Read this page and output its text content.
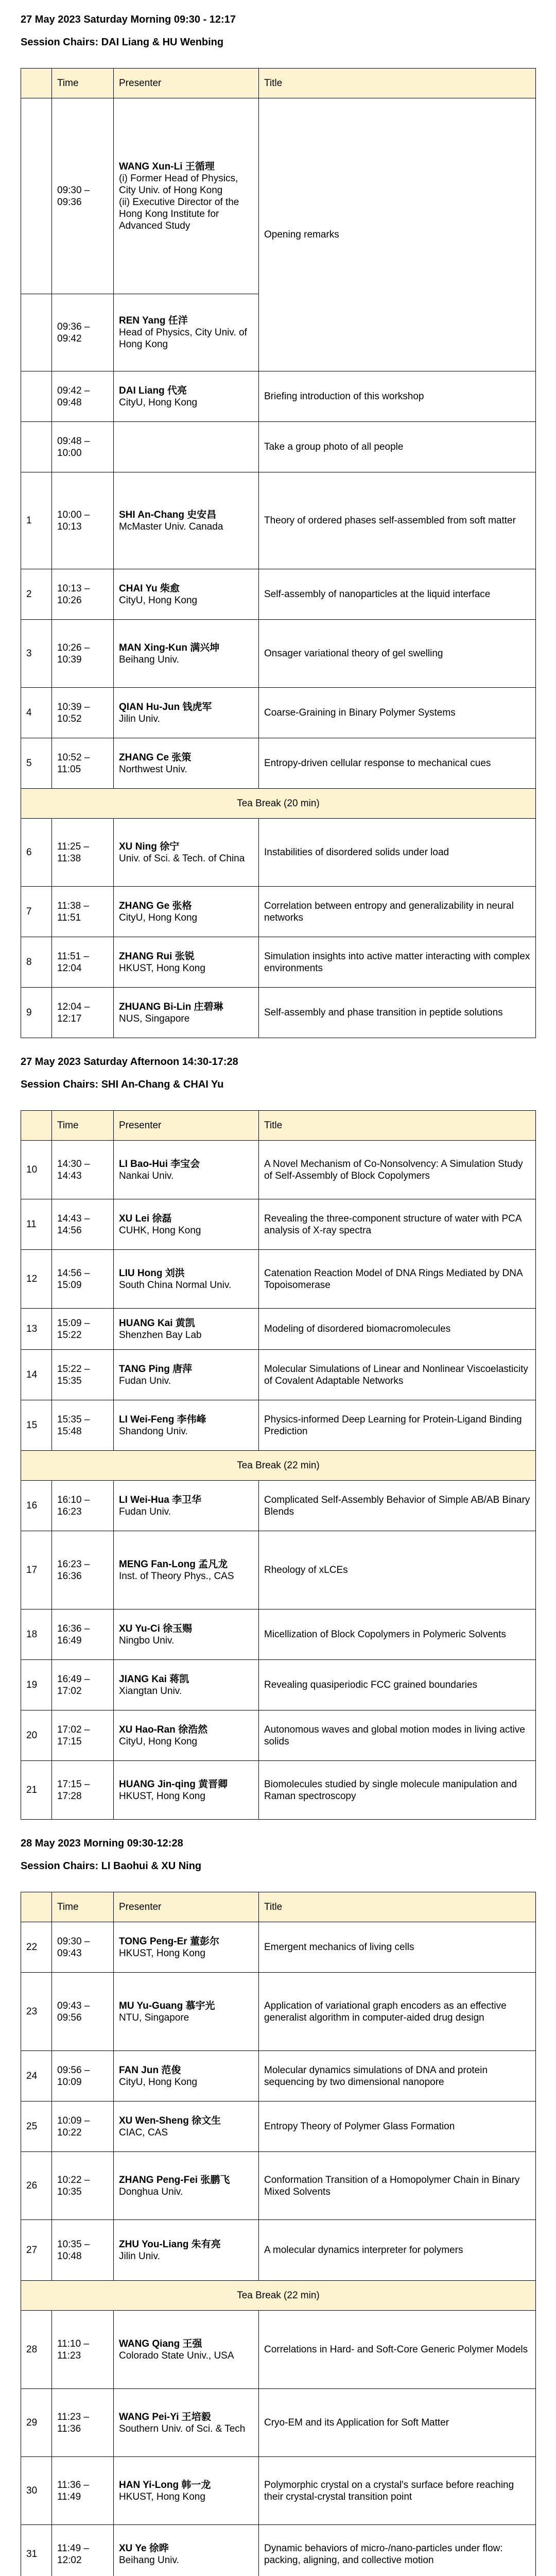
27 May 2023 Saturday Morning 09:30 - 12:17
Session Chairs: DAI Liang & HU Wenbing
	Time	Presenter	Title
	09:30 – 09:36	WANG Xun-Li 王循理
(i) Former Head of Physics, City Univ. of Hong Kong
(ii) Executive Director of the Hong Kong Institute for Advanced Study	Opening remarks
	09:36 – 09:42	REN Yang 任洋
Head of Physics, City Univ. of Hong Kong	

	09:42 – 09:48	DAI Liang 代亮
CityU, Hong Kong	Briefing introduction of this workshop
	09:48 – 10:00		Take a group photo of all people
1	10:00 – 10:13	SHI An-Chang 史安昌
McMaster Univ. Canada	Theory of ordered phases self-assembled from soft matter
2	10:13 – 10:26	CHAI Yu 柴愈
CityU, Hong Kong	Self-assembly of nanoparticles at the liquid interface
3	10:26 – 10:39	MAN Xing-Kun 满兴坤
Beihang Univ.	Onsager variational theory of gel swelling
4	10:39 – 10:52	QIAN Hu-Jun 钱虎军
Jilin Univ.	Coarse-Graining in Binary Polymer Systems
5	10:52 – 11:05	ZHANG Ce 张策
Northwest Univ.	Entropy-driven cellular response to mechanical cues
Tea Break (20 min)			
6	11:25 – 11:38	XU Ning 徐宁
Univ. of Sci. & Tech. of China	Instabilities of disordered solids under load
7	11:38 – 11:51	ZHANG Ge 张格
CityU, Hong Kong	Correlation between entropy and generalizability in neural networks
8	11:51 – 12:04	ZHANG Rui 张锐
HKUST, Hong Kong	Simulation insights into active matter interacting with complex environments
9	12:04 – 12:17	ZHUANG Bi-Lin 庄碧琳
NUS, Singapore	Self-assembly and phase transition in peptide solutions
27 May 2023 Saturday Afternoon 14:30-17:28
Session Chairs: SHI An-Chang & CHAI Yu
	Time	Presenter	Title
10	14:30 – 14:43	LI Bao-Hui 李宝会
Nankai Univ.	A Novel Mechanism of Co-Nonsolvency: A Simulation Study of Self-Assembly of Block Copolymers
11	14:43 – 14:56	XU Lei 徐磊
CUHK, Hong Kong	Revealing the three-component structure of water with PCA analysis of X-ray spectra
12	14:56 – 15:09	LIU Hong 刘洪
South China Normal Univ.	Catenation Reaction Model of DNA Rings Mediated by DNA Topoisomerase
13	15:09 – 15:22	HUANG Kai 黄凯
Shenzhen Bay Lab	Modeling of disordered biomacromolecules
14	15:22 – 15:35	TANG Ping 唐萍
Fudan Univ.	Molecular Simulations of Linear and Nonlinear Viscoelasticity of Covalent Adaptable Networks
15	15:35 – 15:48	LI Wei-Feng 李伟峰
Shandong Univ.	Physics-informed Deep Learning for Protein-Ligand Binding Prediction
Tea Break (22 min)			
16	16:10 – 16:23	LI Wei-Hua 李卫华
Fudan Univ.	Complicated Self-Assembly Behavior of Simple AB/AB Binary Blends
17	16:23 – 16:36	MENG Fan-Long 孟凡龙
Inst. of Theory Phys., CAS	Rheology of xLCEs
18	16:36 – 16:49	XU Yu-Ci 徐玉赐
Ningbo Univ.	Micellization of Block Copolymers in Polymeric Solvents
19	16:49 – 17:02	JIANG Kai 蒋凯
Xiangtan Univ.	Revealing quasiperiodic FCC grained boundaries
20	17:02 – 17:15	XU Hao-Ran 徐浩然
CityU, Hong Kong	Autonomous waves and global motion modes in living active solids
21	17:15 – 17:28	HUANG Jin-qing 黄晋卿
HKUST, Hong Kong	Biomolecules studied by single molecule manipulation and Raman spectroscopy
28 May 2023 Morning 09:30-12:28
Session Chairs: LI Baohui & XU Ning
	Time	Presenter	Title
22	09:30 – 09:43	TONG Peng-Er 董彭尔
HKUST, Hong Kong	Emergent mechanics of living cells
23	09:43 – 09:56	MU Yu-Guang 慕宇光
NTU, Singapore	Application of variational graph encoders as an effective generalist algorithm in computer-aided drug design
24	09:56 – 10:09	FAN Jun 范俊
CityU, Hong Kong	Molecular dynamics simulations of DNA and protein sequencing by two dimensional nanopore
25	10:09 – 10:22	XU Wen-Sheng 徐文生
CIAC, CAS	Entropy Theory of Polymer Glass Formation
26	10:22 – 10:35	ZHANG Peng-Fei 张鹏飞
Donghua Univ.	Conformation Transition of a Homopolymer Chain in Binary Mixed Solvents
27	10:35 – 10:48	ZHU You-Liang 朱有亮
Jilin Univ.	A molecular dynamics interpreter for polymers
Tea Break (22 min)			
28	11:10 – 11:23	WANG Qiang 王强
Colorado State Univ., USA	Correlations in Hard- and Soft-Core Generic Polymer Models
29	11:23 – 11:36	WANG Pei-Yi 王培毅
Southern Univ. of Sci. & Tech	Cryo-EM and its Application for Soft Matter
30	11:36 – 11:49	HAN Yi-Long 韩一龙
HKUST, Hong Kong	Polymorphic crystal on a crystal's surface before reaching their crystal-crystal transition point
31	11:49 – 12:02	XU Ye 徐晔
Beihang Univ.	Dynamic behaviors of micro-/nano-particles under flow: packing, aligning, and collective motion
